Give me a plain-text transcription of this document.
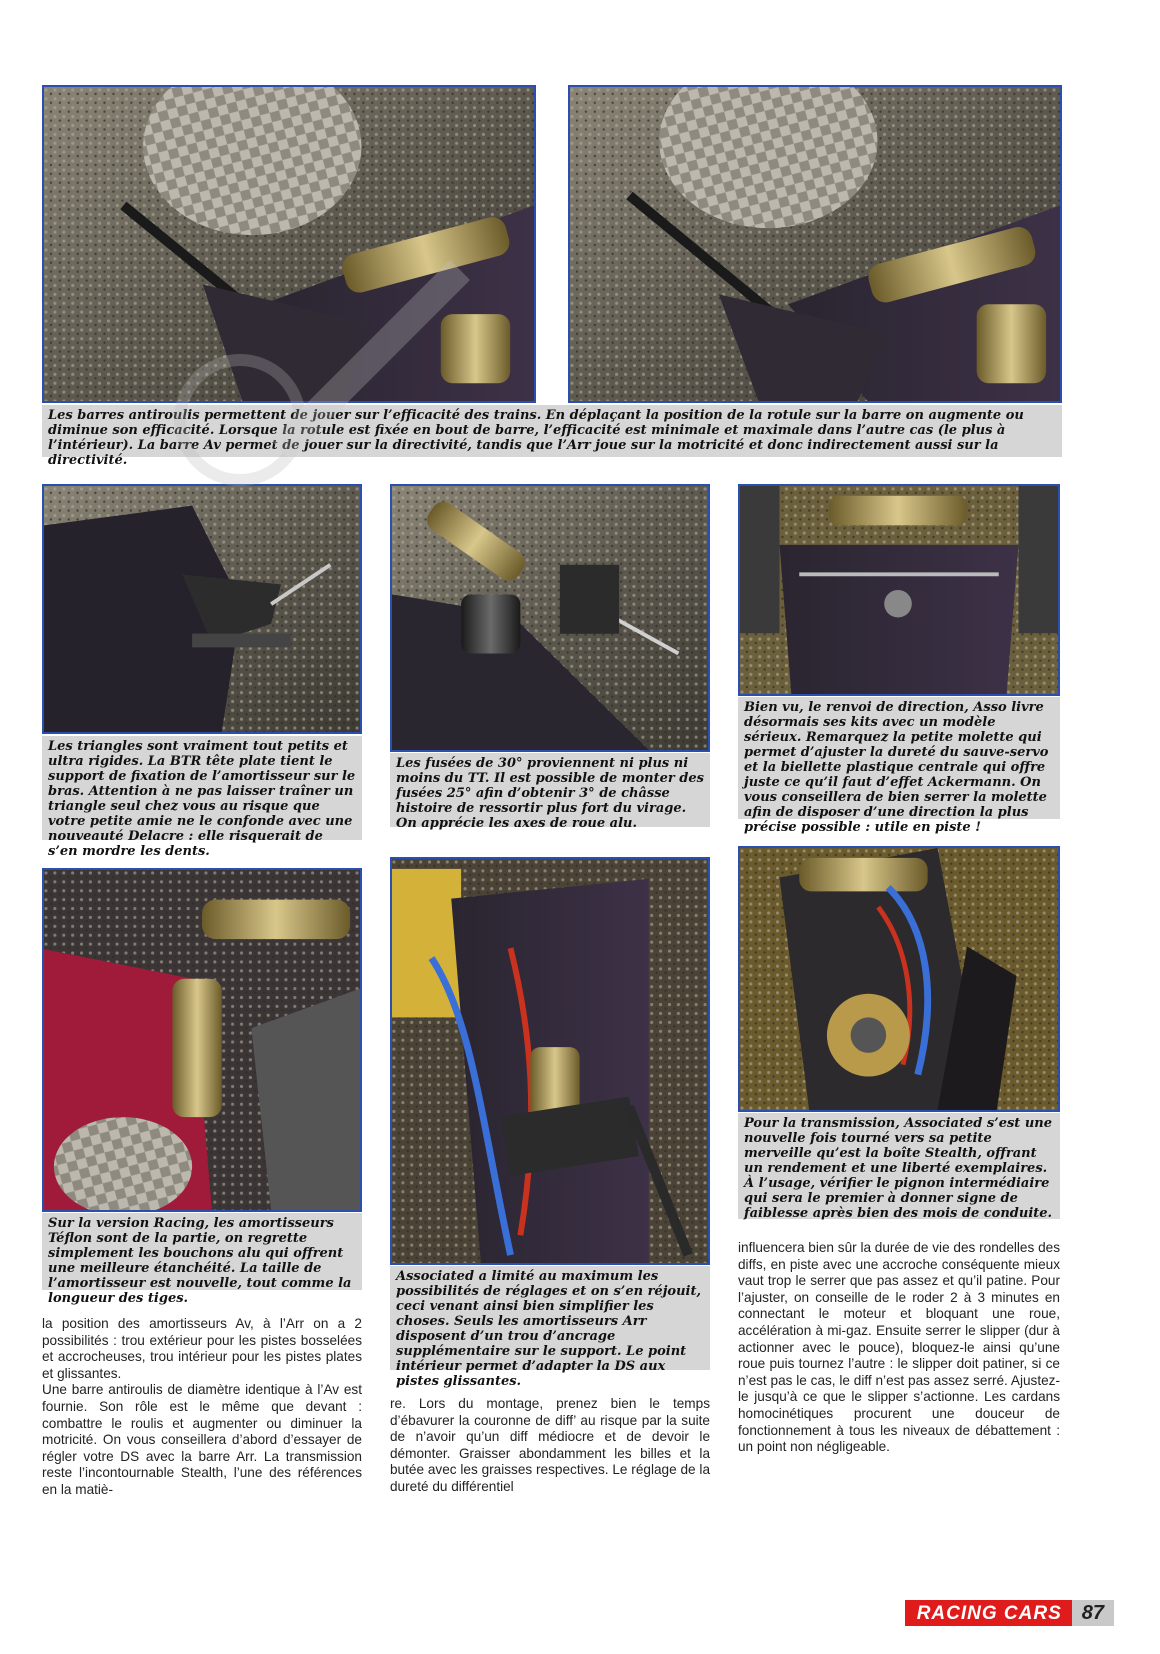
Les barres antiroulis permettent de jouer sur l’efficacité des trains. En déplaçant la position de la rotule sur la barre on augmente ou diminue son efficacité. Lorsque la rotule est fixée en bout de barre, l’efficacité est minimale et maximale dans l’autre cas (le plus à l’intérieur). La barre Av permet de jouer sur la directivité, tandis que l’Arr joue sur la motricité et donc indirectement aussi sur la directivité.
Les triangles sont vraiment tout petits et ultra rigides. La BTR tête plate tient le support de fixation de l’amortisseur sur le bras. Attention à ne pas laisser traîner un triangle seul chez vous au risque que votre petite amie ne le confonde avec une nouveauté Delacre : elle risquerait de s’en mordre les dents.
Les fusées de 30° proviennent ni plus ni moins du TT. Il est possible de monter des fusées 25° afin d’obtenir 3° de châsse histoire de ressortir plus fort du virage. On apprécie les axes de roue alu.
Bien vu, le renvoi de direction, Asso livre désormais ses kits avec un modèle sérieux. Remarquez la petite molette qui permet d’ajuster la dureté du sauve-servo et la biellette plastique centrale qui offre juste ce qu’il faut d’effet Ackermann. On vous conseillera de bien serrer la molette afin de disposer d’une direction la plus précise possible : utile en piste !
Sur la version Racing, les amortisseurs Téflon sont de la partie, on regrette simplement les bouchons alu qui offrent une meilleure étanchéité. La taille de l’amortisseur est nouvelle, tout comme la longueur des tiges.
Associated a limité au maximum les possibilités de réglages et on s’en réjouit, ceci venant ainsi bien simplifier les choses. Seuls les amortisseurs Arr disposent d’un trou d’ancrage supplémentaire sur le support. Le point intérieur permet d’adapter la DS aux pistes glissantes.
Pour la transmission, Associated s’est une nouvelle fois tourné vers sa petite merveille qu’est la boîte Stealth, offrant un rendement et une liberté exemplaires. À l’usage, vérifier le pignon intermédiaire qui sera le premier à donner signe de faiblesse après bien des mois de conduite.

la position des amortisseurs Av, à l’Arr on a 2 possibilités : trou extérieur pour les pistes bosselées et accrocheuses, trou intérieur pour les pistes plates et glissantes.

Une barre antiroulis de diamètre identique à l’Av est fournie. Son rôle est le même que devant : combattre le roulis et augmenter ou diminuer la motricité. On vous conseillera d’abord d’essayer de régler votre DS avec la barre Arr. La transmission reste l’incontournable Stealth, l’une des références en la matiè-

re. Lors du montage, prenez bien le temps d’ébavurer la couronne de diff’ au risque par la suite de n’avoir qu’un diff médiocre et de devoir le démonter. Graisser abondamment les billes et la butée avec les graisses respectives. Le réglage de la dureté du différentiel

influencera bien sûr la durée de vie des rondelles des diffs, en piste avec une accroche conséquente mieux vaut trop le serrer que pas assez et qu’il patine. Pour l’ajuster, on conseille de le roder 2 à 3 minutes en connectant le moteur et bloquant une roue, accélération à mi-gaz. Ensuite serrer le slipper (dur à actionner avec le pouce), bloquez-le ainsi qu’une roue puis tournez l’autre : le slipper doit patiner, si ce n’est pas le cas, le diff n’est pas assez serré. Ajustez-le jusqu’à ce que le slipper s’actionne. Les cardans homocinétiques procurent une douceur de fonctionnement à tous les niveaux de débattement : un point non négligeable.

RACING CARS	87
